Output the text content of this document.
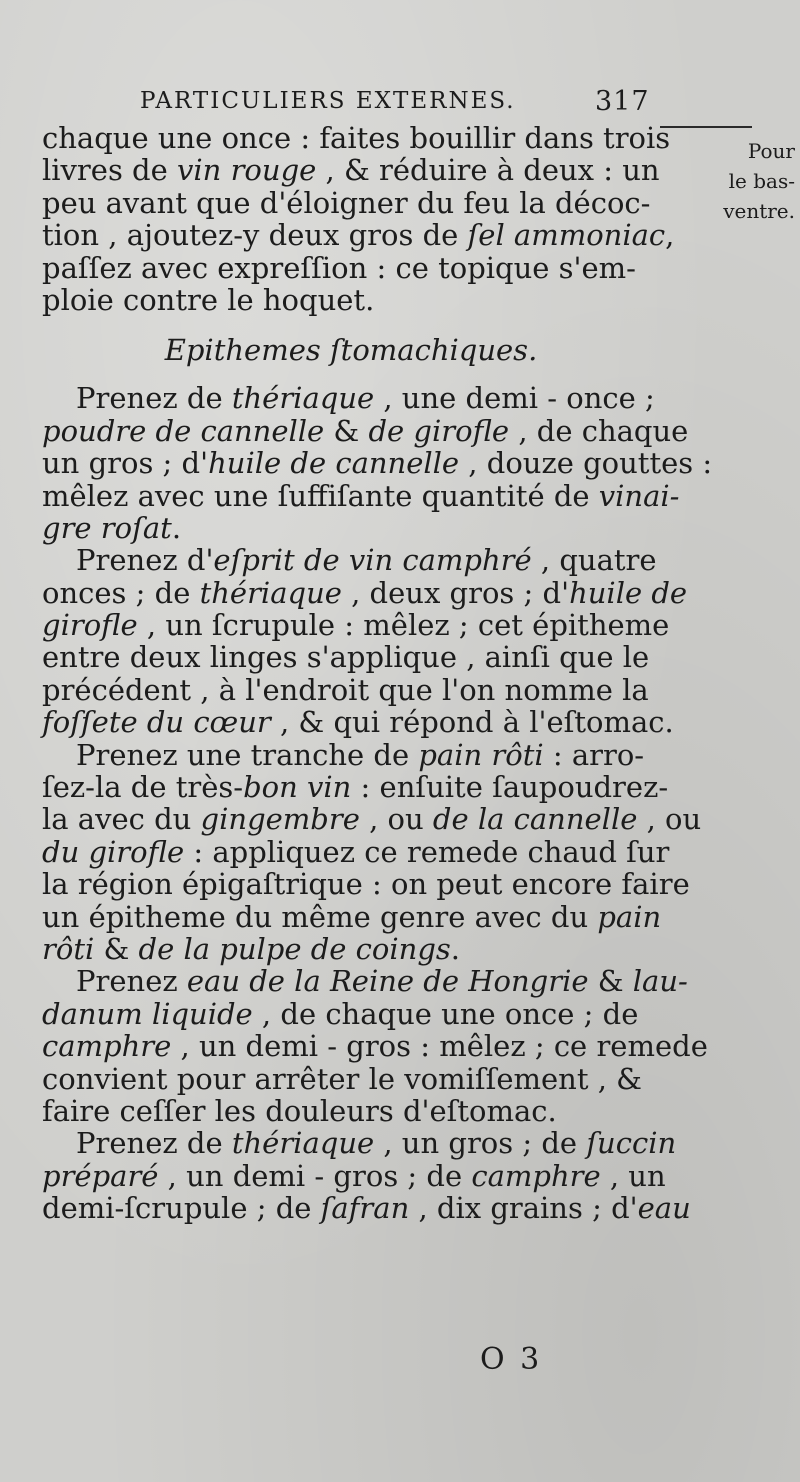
PARTICULIERS EXTERNES.	317
Pour
le bas-
ventre.
chaque une once : faites bouillir dans trois
livres de vin rouge , & réduire à deux : un
peu avant que d'éloigner du feu la décoc-
tion , ajoutez-y deux gros de ſel ammoniac,
paſſez avec expreſſion : ce topique s'em-
ploie contre le hoquet.
Epithemes ſtomachiques.
Prenez de thériaque , une demi - once ;
poudre de cannelle & de girofle , de chaque
un gros ; d'huile de cannelle , douze gouttes :
mêlez avec une ſuffiſante quantité de vinai-
gre roſat.
Prenez d'eſprit de vin camphré , quatre
onces ; de thériaque , deux gros ; d'huile de
girofle , un ſcrupule : mêlez ; cet épitheme
entre deux linges s'applique , ainſi que le
précédent , à l'endroit que l'on nomme la
foſſete du cœur , & qui répond à l'eſtomac.
Prenez une tranche de pain rôti : arro-
ſez-la de très-bon vin : enſuite ſaupoudrez-
la avec du gingembre , ou de la cannelle , ou
du girofle : appliquez ce remede chaud ſur
la région épigaſtrique : on peut encore faire
un épitheme du même genre avec du pain
rôti & de la pulpe de coings.
Prenez eau de la Reine de Hongrie & lau-
danum liquide , de chaque une once ; de
camphre , un demi - gros : mêlez ; ce remede
convient pour arrêter le vomiſſement , &
faire ceſſer les douleurs d'eſtomac.
Prenez de thériaque , un gros ; de ſuccin
préparé , un demi - gros ; de camphre , un
demi-ſcrupule ; de ſafran , dix grains ; d'eau
O 3
